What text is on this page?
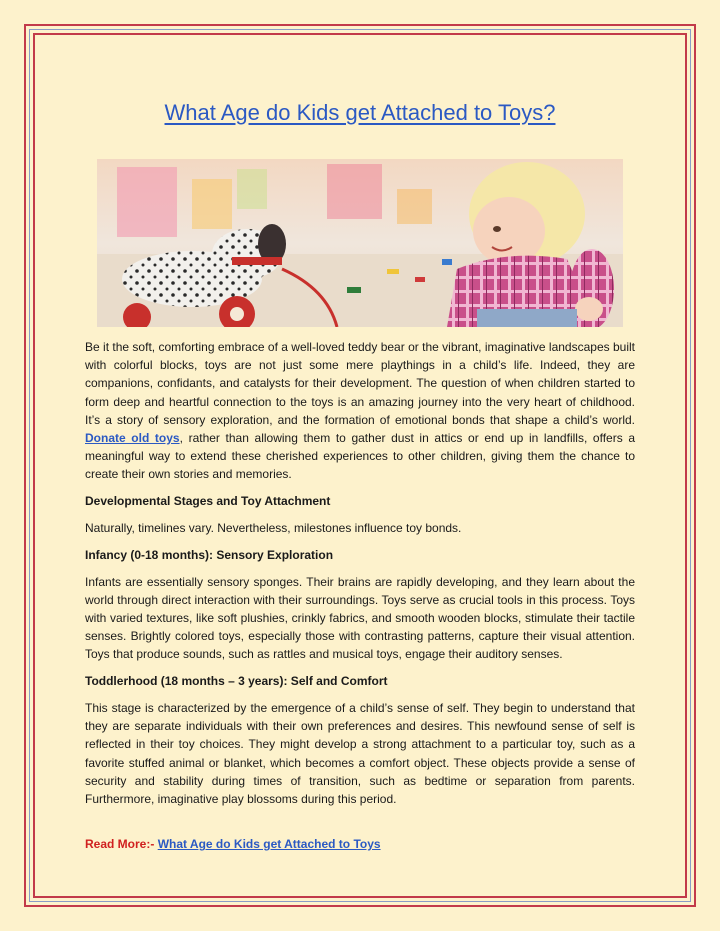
What Age do Kids get Attached to Toys?

Be it the soft, comforting embrace of a well-loved teddy bear or the vibrant, imaginative landscapes built with colorful blocks, toys are not just some mere playthings in a child’s life. Indeed, they are companions, confidants, and catalysts for their development. The question of when children started to form deep and heartful connection to the toys is an amazing journey into the very heart of childhood. It’s a story of sensory exploration, and the formation of emotional bonds that shape a child’s world. Donate old toys, rather than allowing them to gather dust in attics or end up in landfills, offers a meaningful way to extend these cherished experiences to other children, giving them the chance to create their own stories and memories.

Developmental Stages and Toy Attachment

Naturally, timelines vary. Nevertheless, milestones influence toy bonds.

Infancy (0-18 months): Sensory Exploration

Infants are essentially sensory sponges. Their brains are rapidly developing, and they learn about the world through direct interaction with their surroundings. Toys serve as crucial tools in this process. Toys with varied textures, like soft plushies, crinkly fabrics, and smooth wooden blocks, stimulate their tactile senses. Brightly colored toys, especially those with contrasting patterns, capture their visual attention. Toys that produce sounds, such as rattles and musical toys, engage their auditory senses.

Toddlerhood (18 months – 3 years): Self and Comfort

This stage is characterized by the emergence of a child’s sense of self. They begin to understand that they are separate individuals with their own preferences and desires. This newfound sense of self is reflected in their toy choices. They might develop a strong attachment to a particular toy, such as a favorite stuffed animal or blanket, which becomes a comfort object. These objects provide a sense of security and stability during times of transition, such as bedtime or separation from parents. Furthermore, imaginative play blossoms during this period.

Read More:- What Age do Kids get Attached to Toys
